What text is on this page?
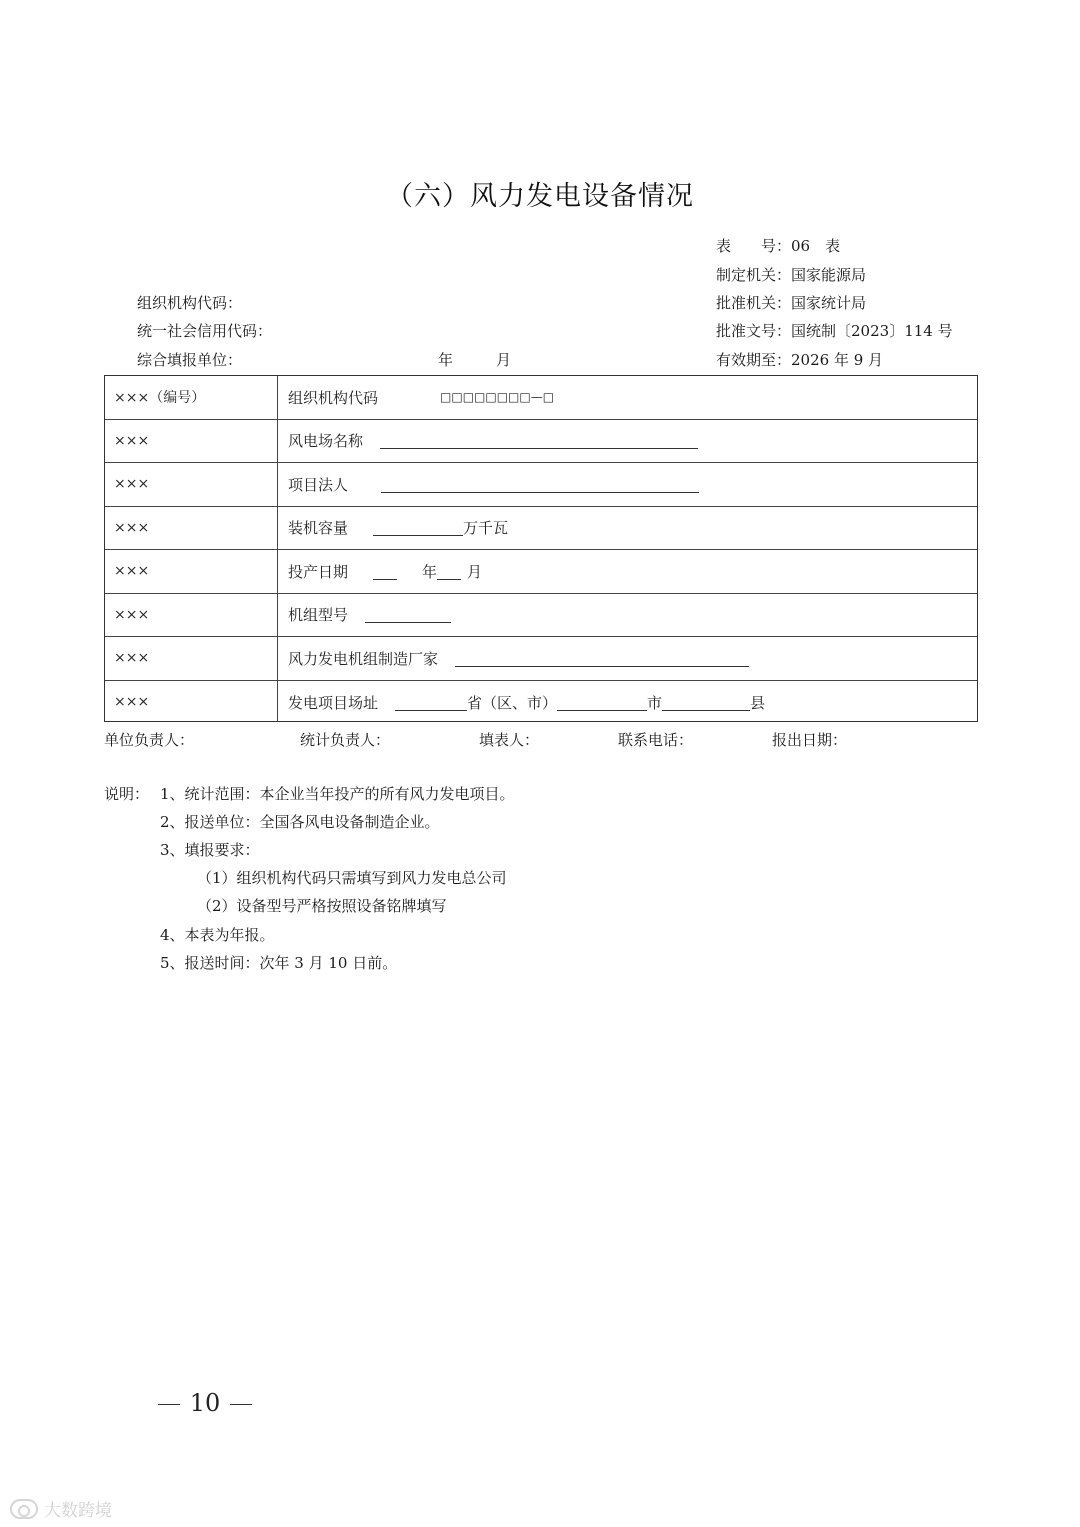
（六）风力发电设备情况
表　　号：06　表
制定机关：国家能源局
批准机关：国家统计局
批准文号：国统制〔2023〕114 号
有效期至：2026 年 9 月
组织机构代码：
统一社会信用代码：
综合填报单位：	年	月
×××（编号）	组织机构代码	□□□□□□□□—□
×××	风电场名称
×××	项目法人
×××	装机容量	万千瓦
×××	投产日期	年 月
×××	机组型号
×××	风力发电机组制造厂家
×××	发电项目场址	省（区、市）	市	县
单位负责人：	统计负责人：	填表人：	联系电话：	报出日期：
说明： 1、统计范围：本企业当年投产的所有风力发电项目。
2、报送单位：全国各风电设备制造企业。
3、填报要求：
（1）组织机构代码只需填写到风力发电总公司
（2）设备型号严格按照设备铭牌填写
4、本表为年报。
5、报送时间：次年 3 月 10 日前。
10
大数跨境
